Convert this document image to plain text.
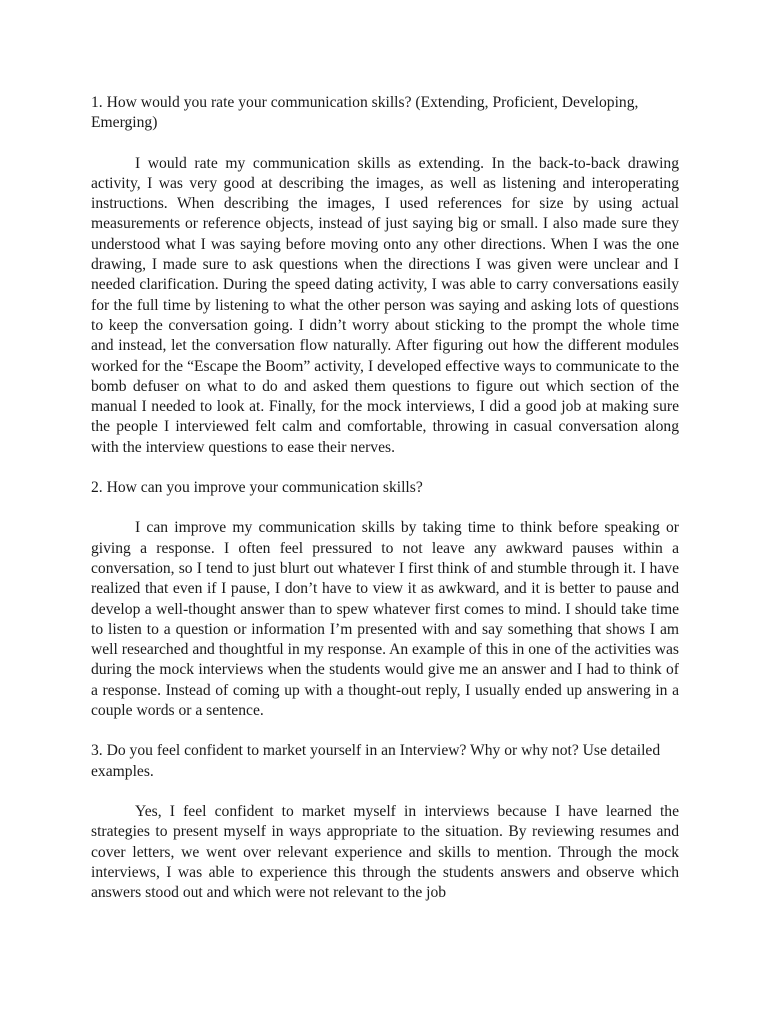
1. How would you rate your communication skills? (Extending, Proficient, Developing, Emerging)

I would rate my communication skills as extending. In the back-to-back drawing activity, I was very good at describing the images, as well as listening and interoperating instructions. When describing the images, I used references for size by using actual measurements or reference objects, instead of just saying big or small. I also made sure they understood what I was saying before moving onto any other directions. When I was the one drawing, I made sure to ask questions when the directions I was given were unclear and I needed clarification. During the speed dating activity, I was able to carry conversations easily for the full time by listening to what the other person was saying and asking lots of questions to keep the conversation going. I didn’t worry about sticking to the prompt the whole time and instead, let the conversation flow naturally. After figuring out how the different modules worked for the “Escape the Boom” activity, I developed effective ways to communicate to the bomb defuser on what to do and asked them questions to figure out which section of the manual I needed to look at. Finally, for the mock interviews, I did a good job at making sure the people I interviewed felt calm and comfortable, throwing in casual conversation along with the interview questions to ease their nerves.

2. How can you improve your communication skills?

I can improve my communication skills by taking time to think before speaking or giving a response. I often feel pressured to not leave any awkward pauses within a conversation, so I tend to just blurt out whatever I first think of and stumble through it. I have realized that even if I pause, I don’t have to view it as awkward, and it is better to pause and develop a well-thought answer than to spew whatever first comes to mind. I should take time to listen to a question or information I’m presented with and say something that shows I am well researched and thoughtful in my response. An example of this in one of the activities was during the mock interviews when the students would give me an answer and I had to think of a response. Instead of coming up with a thought-out reply, I usually ended up answering in a couple words or a sentence.

3. Do you feel confident to market yourself in an Interview? Why or why not? Use detailed examples.

Yes, I feel confident to market myself in interviews because I have learned the strategies to present myself in ways appropriate to the situation. By reviewing resumes and cover letters, we went over relevant experience and skills to mention. Through the mock interviews, I was able to experience this through the students answers and observe which answers stood out and which were not relevant to the job
